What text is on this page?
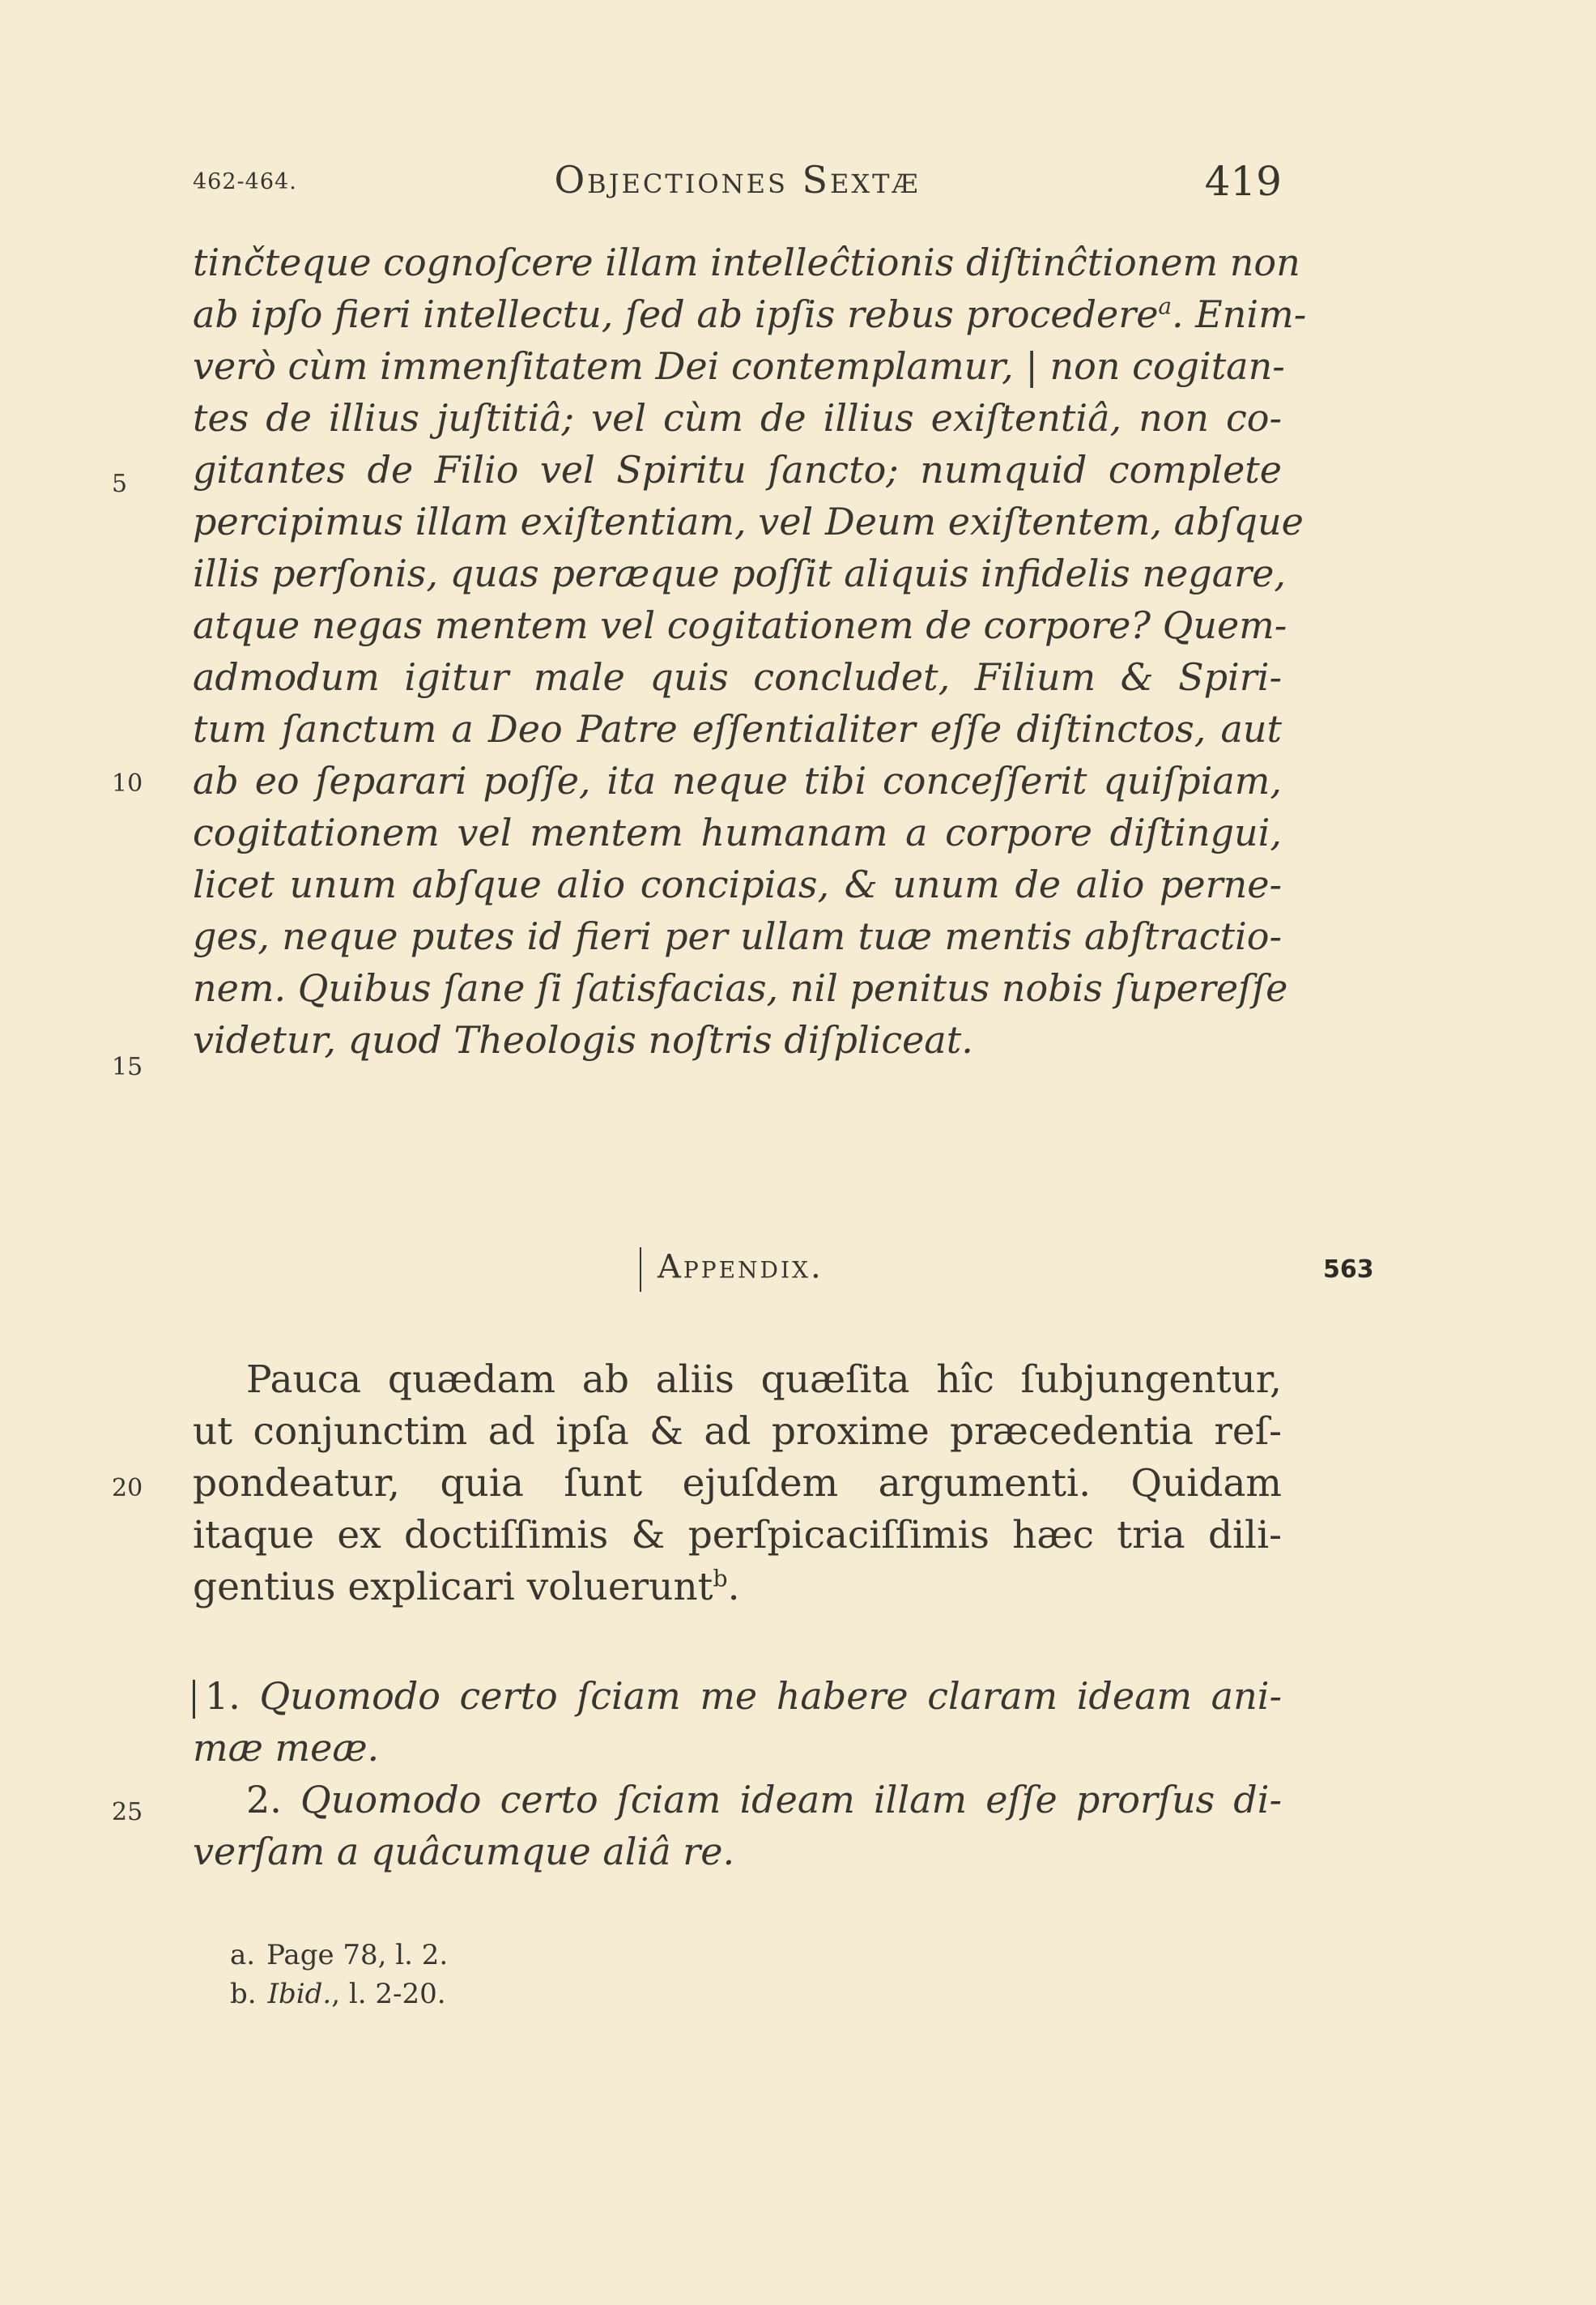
462-464.	Objectiones Sextæ	419
tinčteque cognoſcere illam intelleĉtionis diſtinĉtionem non
ab ipſo fieri intellectu, ſed ab ipſis rebus procedere$^a$. Enim-
verò cùm immenſitatem Dei contemplamur, | non cogitan-
tes de illius juſtitiâ; vel cùm de illius exiſtentiâ, non co-
gitantes de Filio vel Spiritu ſancto; numquid complete
percipimus illam exiſtentiam, vel Deum exiſtentem, abſque
illis perſonis, quas peræque poſſit aliquis infidelis negare,
atque negas mentem vel cogitationem de corpore? Quem-
admodum igitur male quis concludet, Filium & Spiri-
tum ſanctum a Deo Patre eſſentialiter eſſe diſtinctos, aut
ab eo ſeparari poſſe, ita neque tibi conceſſerit quiſpiam,
cogitationem vel mentem humanam a corpore diſtingui,
licet unum abſque alio concipias, & unum de alio perne-
ges, neque putes id fieri per ullam tuæ mentis abſtractio-
nem. Quibus ſane ſi ſatisfacias, nil penitus nobis ſupereſſe
videtur, quod Theologis noſtris diſpliceat.
5
10
15
20
25
Appendix.	563
Pauca quædam ab aliis quæſita hîc ſubjungentur,
ut conjunctim ad ipſa & ad proxime præcedentia reſ-
pondeatur, quia ſunt ejuſdem argumenti. Quidam
itaque ex doctiſſimis & perſpicaciſſimis hæc tria dili-
gentius explicari voluerunt$^b$.
1. Quomodo certo ſciam me habere claram ideam ani-
mæ meæ.
2. Quomodo certo ſciam ideam illam eſſe prorſus di-
verſam a quâcumque aliâ re.
a. Page 78, l. 2.
b. Ibid., l. 2-20.
